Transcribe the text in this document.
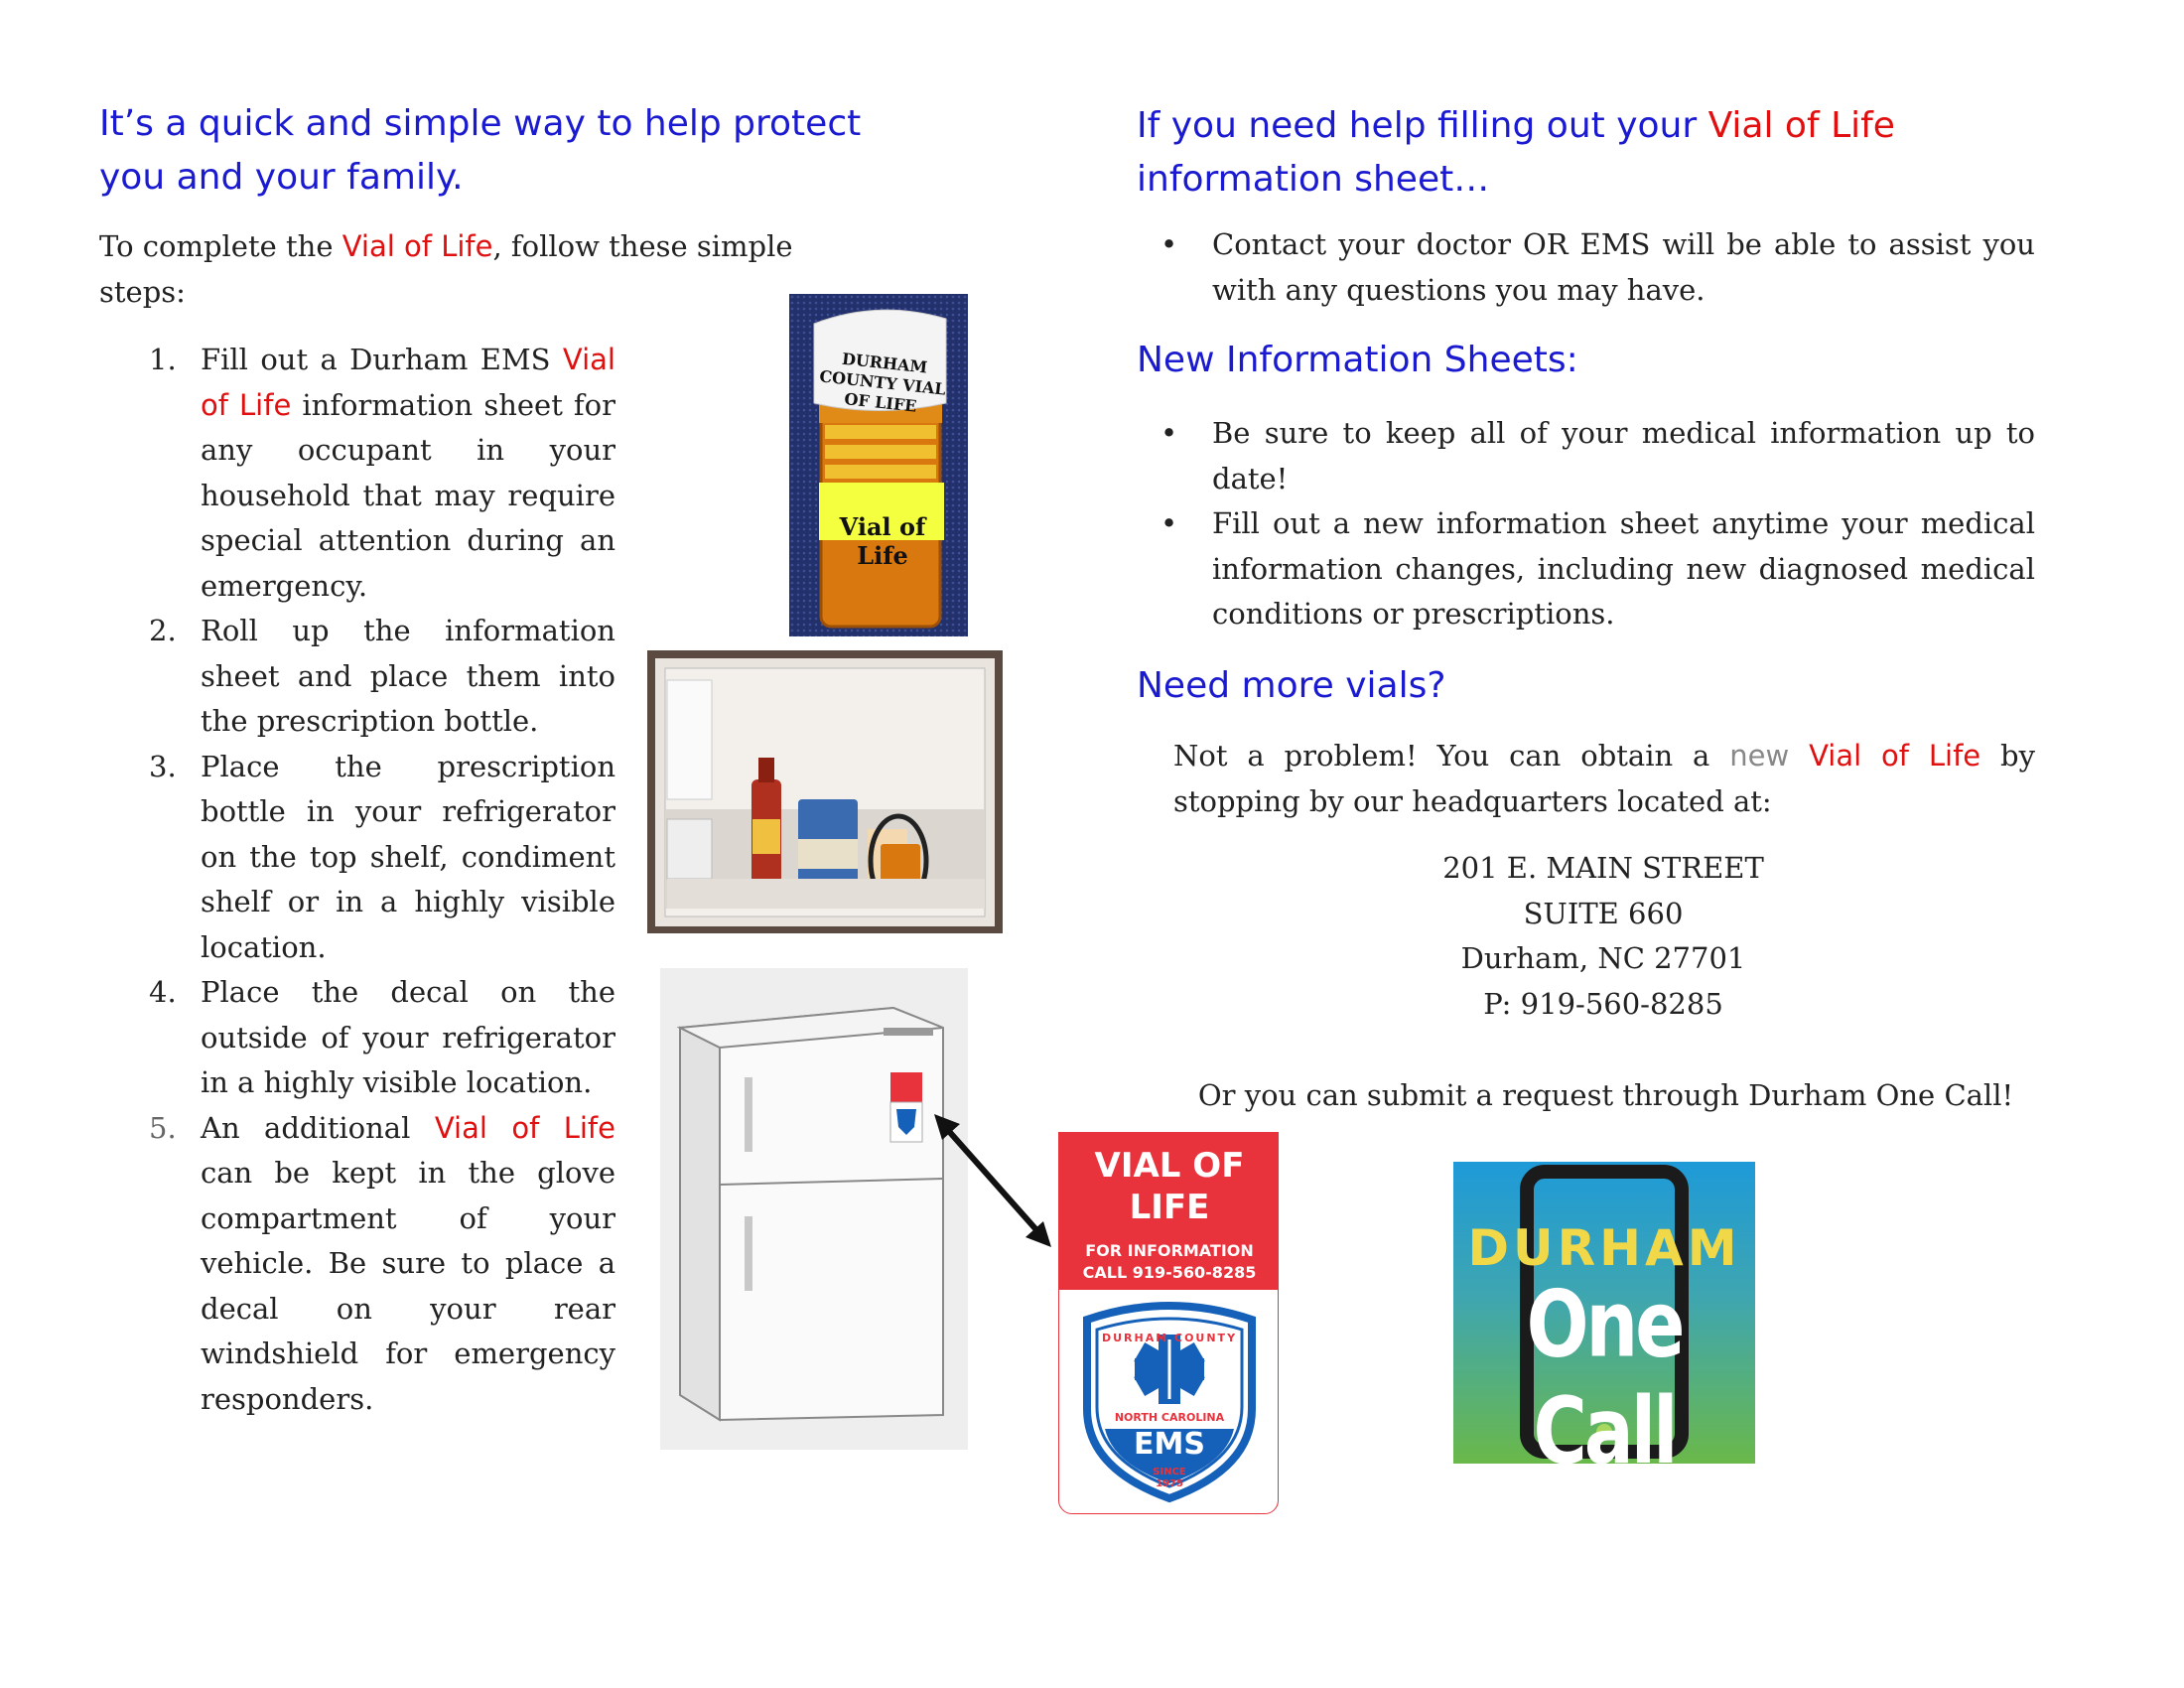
It’s a quick and simple way to help protect
you and your family.
To complete the Vial of Life, follow these simple steps:
1. Fill out a Durham EMS Vial of Life information sheet for any occupant in your household that may require special attention during an emergency.
2. Roll up the information sheet and place them into the prescription bottle.
3. Place the prescription bottle in your refrigerator on the top shelf, condiment shelf or in a highly visible location.
4. Place the decal on the outside of your refrigerator in a highly visible location.
5. An additional Vial of Life can be kept in the glove compartment of your vehicle. Be sure to place a decal on your rear windshield for emergency responders.
DURHAM COUNTY VIAL OF LIFE
Vial of Life
VIAL OF LIFE
FOR INFORMATION CALL 919-560-8285
DURHAM COUNTY
NORTH CAROLINA
EMS
SINCE 1975
If you need help filling out your Vial of Life information sheet…
• Contact your doctor OR EMS will be able to assist you with any questions you may have.
New Information Sheets:
• Be sure to keep all of your medical information up to date!
• Fill out a new information sheet anytime your medical information changes, including new diagnosed medical conditions or prescriptions.
Need more vials?
Not a problem! You can obtain a new Vial of Life by stopping by our headquarters located at:
201 E. MAIN STREET
SUITE 660
Durham, NC 27701
P: 919-560-8285
Or you can submit a request through Durham One Call!
DURHAM
One Call
